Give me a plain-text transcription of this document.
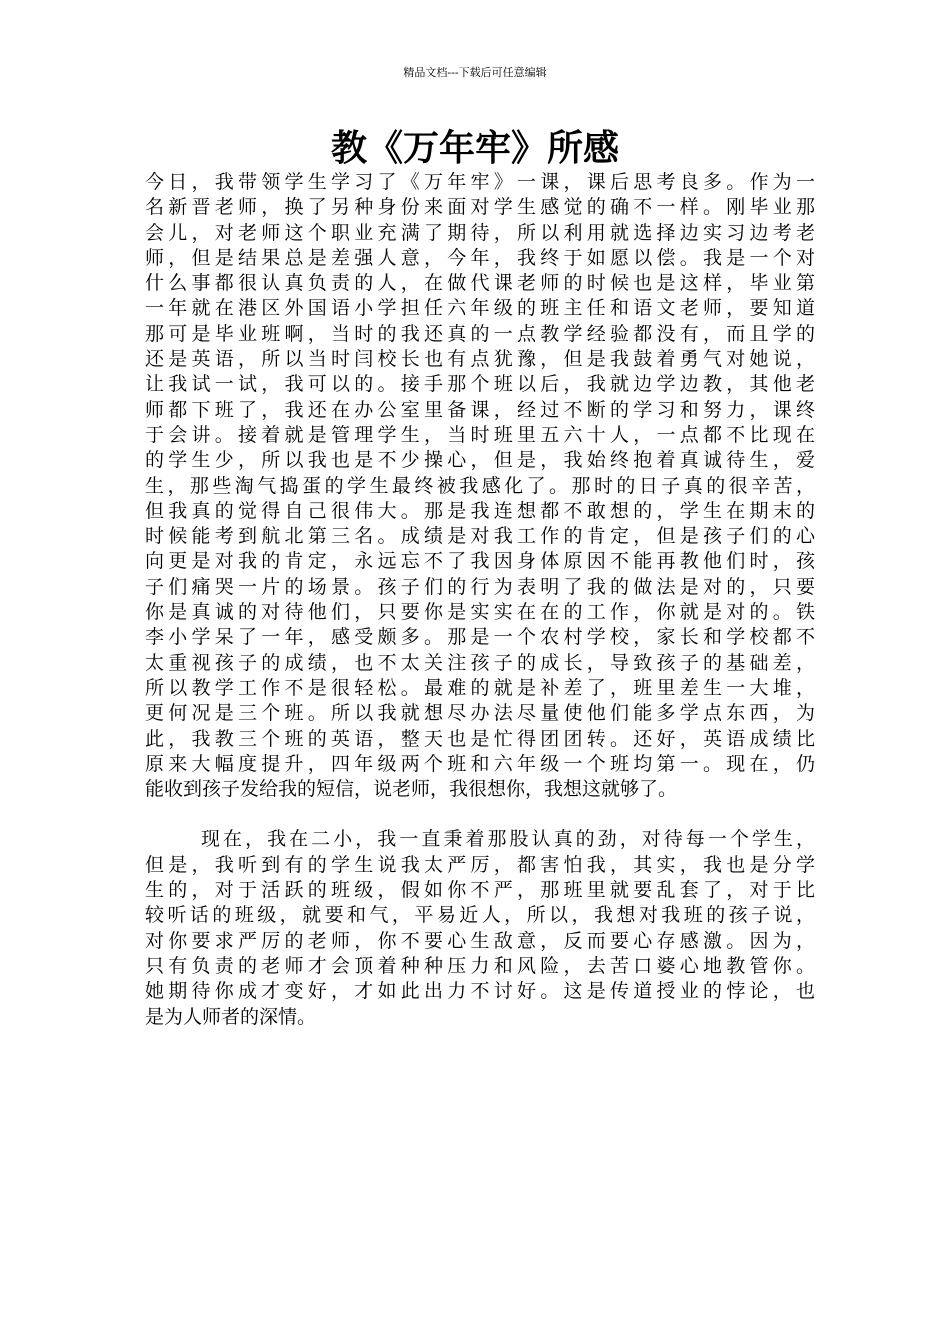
精品文档---下载后可任意编辑
教《万年牢》所感
今日，我带领学生学习了《万年牢》一课，课后思考良多。作为一
名新晋老师，换了另种身份来面对学生感觉的确不一样。刚毕业那
会儿，对老师这个职业充满了期待，所以利用就选择边实习边考老
师，但是结果总是差强人意，今年，我终于如愿以偿。我是一个对
什么事都很认真负责的人，在做代课老师的时候也是这样，毕业第
一年就在港区外国语小学担任六年级的班主任和语文老师，要知道
那可是毕业班啊，当时的我还真的一点教学经验都没有，而且学的
还是英语，所以当时闫校长也有点犹豫，但是我鼓着勇气对她说，
让我试一试，我可以的。接手那个班以后，我就边学边教，其他老
师都下班了，我还在办公室里备课，经过不断的学习和努力，课终
于会讲。接着就是管理学生，当时班里五六十人，一点都不比现在
的学生少，所以我也是不少操心，但是，我始终抱着真诚待生，爱
生，那些淘气捣蛋的学生最终被我感化了。那时的日子真的很辛苦，
但我真的觉得自己很伟大。那是我连想都不敢想的，学生在期末的
时候能考到航北第三名。成绩是对我工作的肯定，但是孩子们的心
向更是对我的肯定，永远忘不了我因身体原因不能再教他们时，孩
子们痛哭一片的场景。孩子们的行为表明了我的做法是对的，只要
你是真诚的对待他们，只要你是实实在在的工作，你就是对的。铁
李小学呆了一年，感受颇多。那是一个农村学校，家长和学校都不
太重视孩子的成绩，也不太关注孩子的成长，导致孩子的基础差，
所以教学工作不是很轻松。最难的就是补差了，班里差生一大堆，
更何况是三个班。所以我就想尽办法尽量使他们能多学点东西，为
此，我教三个班的英语，整天也是忙得团团转。还好，英语成绩比
原来大幅度提升，四年级两个班和六年级一个班均第一。现在，仍
能收到孩子发给我的短信，说老师，我很想你，我想这就够了。
现在，我在二小，我一直秉着那股认真的劲，对待每一个学生，
但是，我听到有的学生说我太严厉，都害怕我，其实，我也是分学
生的，对于活跃的班级，假如你不严，那班里就要乱套了，对于比
较听话的班级，就要和气，平易近人，所以，我想对我班的孩子说，
对你要求严厉的老师，你不要心生敌意，反而要心存感激。因为，
只有负责的老师才会顶着种种压力和风险，去苦口婆心地教管你。
她期待你成才变好，才如此出力不讨好。这是传道授业的悖论，也
是为人师者的深情。
